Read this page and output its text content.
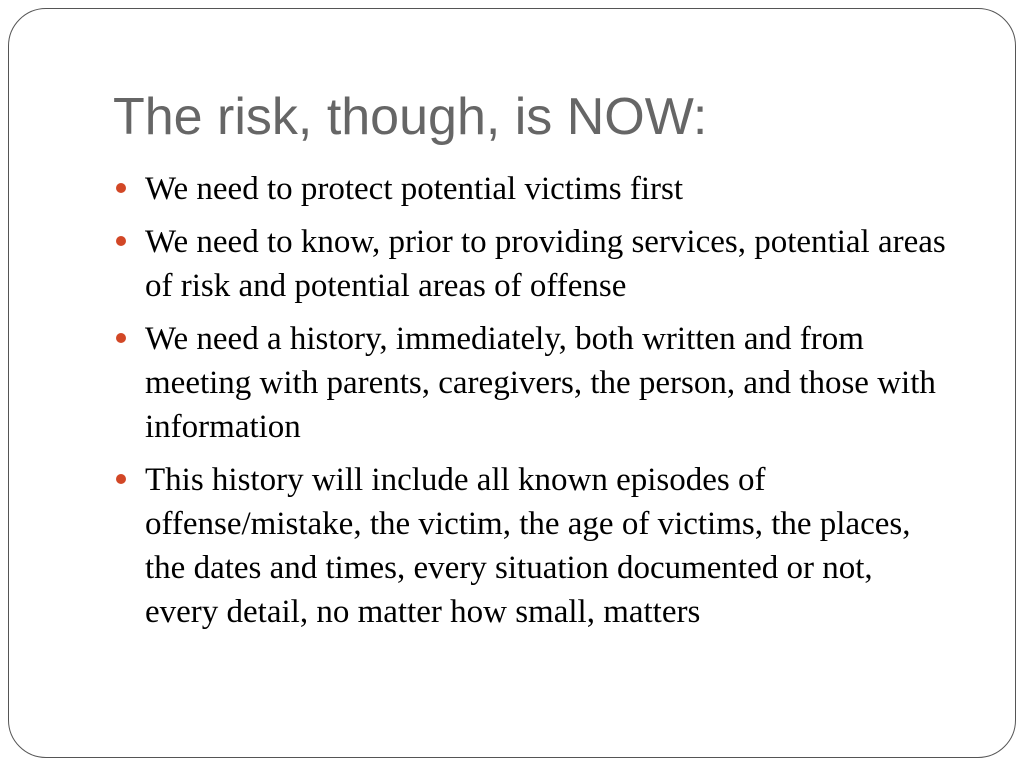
The risk, though, is NOW:
We need to protect potential victims first
We need to know, prior to providing services, potential areas
of risk and potential areas of offense
We need a history, immediately, both written and from
meeting with parents, caregivers, the person, and those with
information
This history will include all known episodes of
offense/mistake, the victim, the age of victims, the places,
the dates and times, every situation documented or not,
every detail, no matter how small, matters
